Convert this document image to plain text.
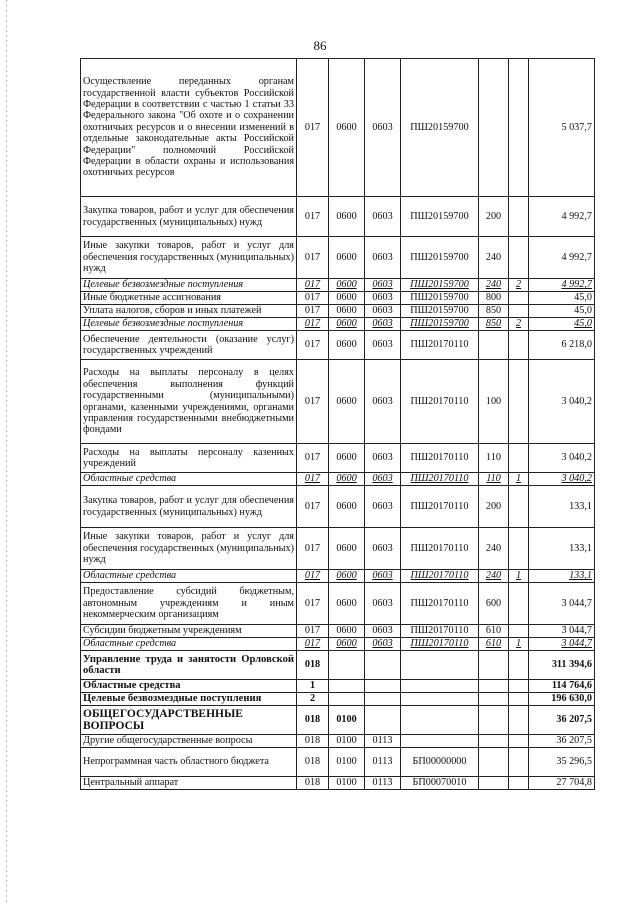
86
Осуществление переданных органам государственной власти субъектов Российской Федерации в соответствии с частью 1 статьи 33 Федерального закона "Об охоте и о сохранении охотничьих ресурсов и о внесении изменений в отдельные законодательные акты Российской Федерации" полномочий Российской Федерации в области охраны и использования охотничьих ресурсов	017	0600	0603	ПШ20159700			5 037,7
Закупка товаров, работ и услуг для обеспечения государственных (муниципальных) нужд	017	0600	0603	ПШ20159700	200		4 992,7
Иные закупки товаров, работ и услуг для обеспечения государственных (муниципальных) нужд	017	0600	0603	ПШ20159700	240		4 992,7
Целевые безвозмездные поступления	017	0600	0603	ПШ20159700	240	2	4 992,7
Иные бюджетные ассигнования	017	0600	0603	ПШ20159700	800		45,0
Уплата налогов, сборов и иных платежей	017	0600	0603	ПШ20159700	850		45,0
Целевые безвозмездные поступления	017	0600	0603	ПШ20159700	850	2	45,0
Обеспечение деятельности (оказание услуг) государственных учреждений	017	0600	0603	ПШ20170110			6 218,0
Расходы на выплаты персоналу в целях обеспечения выполнения функций государственными (муниципальными) органами, казенными учреждениями, органами управления государственными внебюджетными фондами	017	0600	0603	ПШ20170110	100		3 040,2
Расходы на выплаты персоналу казенных учреждений	017	0600	0603	ПШ20170110	110		3 040,2
Областные средства	017	0600	0603	ПШ20170110	110	1	3 040,2
Закупка товаров, работ и услуг для обеспечения государственных (муниципальных) нужд	017	0600	0603	ПШ20170110	200		133,1
Иные закупки товаров, работ и услуг для обеспечения государственных (муниципальных) нужд	017	0600	0603	ПШ20170110	240		133,1
Областные средства	017	0600	0603	ПШ20170110	240	1	133,1
Предоставление субсидий бюджетным, автономным учреждениям и иным некоммерческим организациям	017	0600	0603	ПШ20170110	600		3 044,7
Субсидии бюджетным учреждениям	017	0600	0603	ПШ20170110	610		3 044,7
Областные средства	017	0600	0603	ПШ20170110	610	1	3 044,7
Управление труда и занятости Орловской области	018						311 394,6
Областные средства	1						114 764,6
Целевые безвозмездные поступления	2						196 630,0
ОБЩЕГОСУДАРСТВЕННЫЕ ВОПРОСЫ	018	0100					36 207,5
Другие общегосударственные вопросы	018	0100	0113				36 207,5
Непрограммная часть областного бюджета	018	0100	0113	БП00000000			35 296,5
Центральный аппарат	018	0100	0113	БП00070010			27 704,8
